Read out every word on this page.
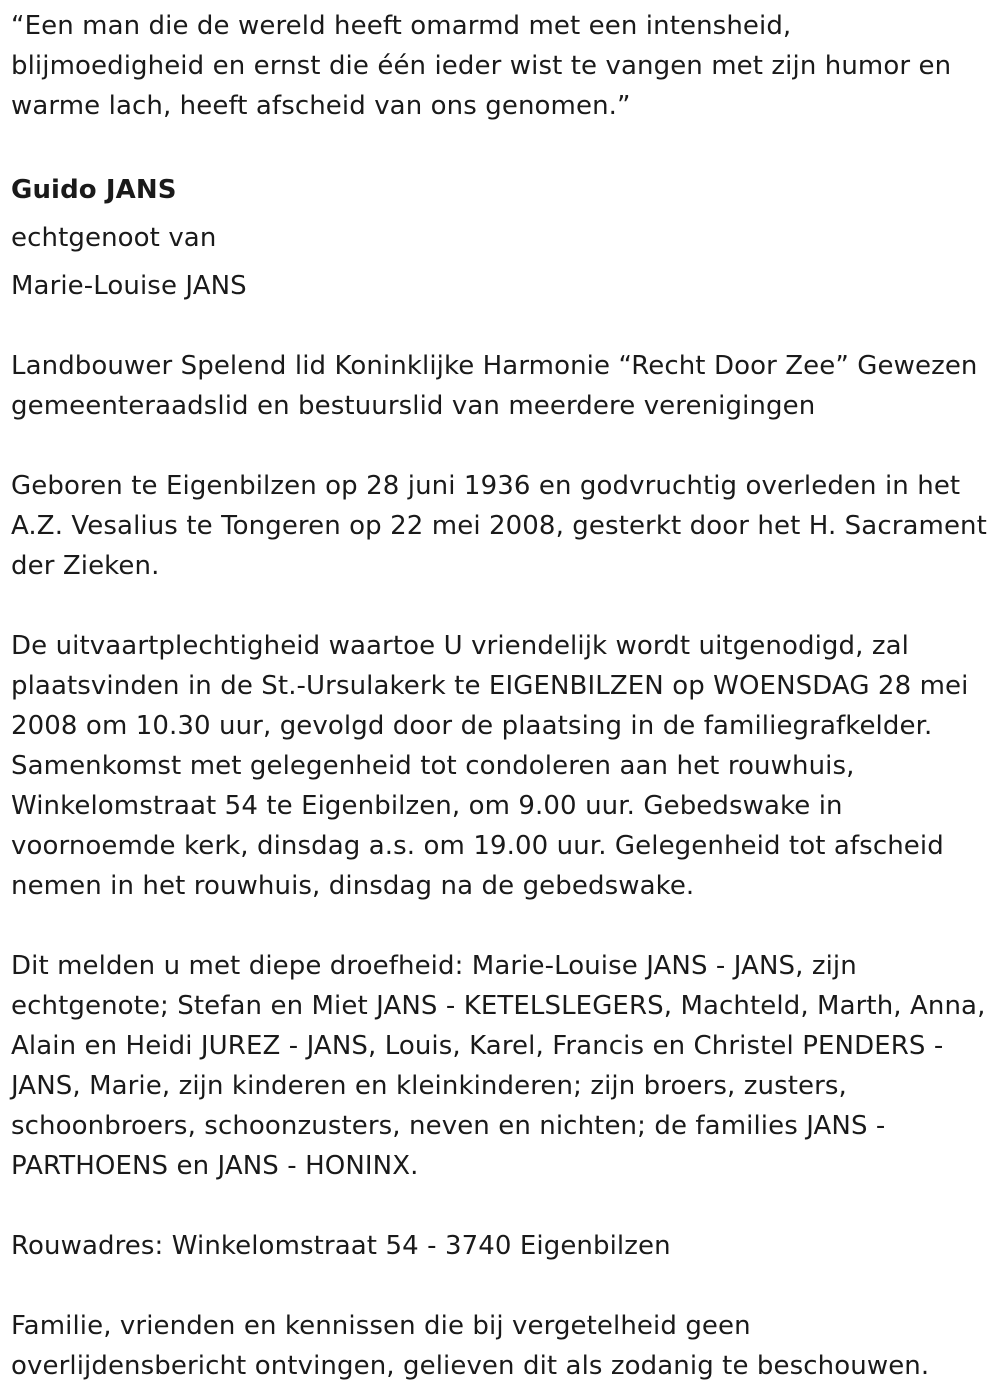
“Een man die de wereld heeft omarmd met een intensheid, blijmoedigheid en ernst die één ieder wist te vangen met zijn humor en warme lach, heeft afscheid van ons genomen.”

Guido JANS

echtgenoot van

Marie-Louise JANS

Landbouwer Spelend lid Koninklijke Harmonie “Recht Door Zee” Gewezen gemeenteraadslid en bestuurslid van meerdere verenigingen

Geboren te Eigenbilzen op 28 juni 1936 en godvruchtig overleden in het A.Z. Vesalius te Tongeren op 22 mei 2008, gesterkt door het H. Sacrament der Zieken.

De uitvaartplechtigheid waartoe U vriendelijk wordt uitgenodigd, zal plaatsvinden in de St.-Ursulakerk te EIGENBILZEN op WOENSDAG 28 mei 2008 om 10.30 uur, gevolgd door de plaatsing in de familiegrafkelder. Samenkomst met gelegenheid tot condoleren aan het rouwhuis, Winkelomstraat 54 te Eigenbilzen, om 9.00 uur. Gebedswake in voornoemde kerk, dinsdag a.s. om 19.00 uur. Gelegenheid tot afscheid nemen in het rouwhuis, dinsdag na de gebedswake.

Dit melden u met diepe droefheid: Marie-Louise JANS - JANS, zijn echtgenote; Stefan en Miet JANS - KETELSLEGERS, Machteld, Marth, Anna, Alain en Heidi JUREZ - JANS, Louis, Karel, Francis en Christel PENDERS - JANS, Marie, zijn kinderen en kleinkinderen; zijn broers, zusters, schoonbroers, schoonzusters, neven en nichten; de families JANS - PARTHOENS en JANS - HONINX.

Rouwadres: Winkelomstraat 54 - 3740 Eigenbilzen

Familie, vrienden en kennissen die bij vergetelheid geen overlijdensbericht ontvingen, gelieven dit als zodanig te beschouwen.
